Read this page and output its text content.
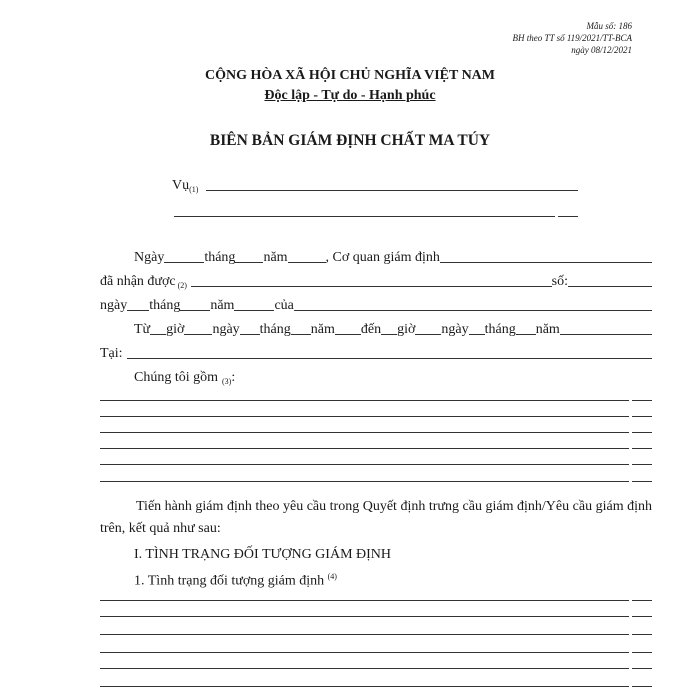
Mẫu số: 186
BH theo TT số 119/2021/TT-BCA
ngày 08/12/2021
CỘNG HÒA XÃ HỘI CHỦ NGHĨA VIỆT NAM
Độc lập - Tự do - Hạnh phúc
BIÊN BẢN GIÁM ĐỊNH CHẤT MA TÚY
Vụ (1)
Ngày	tháng năm	, Cơ quan giám định
đã nhận được (2)	số:
ngày tháng năm	của
Từ giờ ngày tháng năm đến giờ ngày tháng năm
Tại:
Chúng tôi gồm (3) :
Tiến hành giám định theo yêu cầu trong Quyết định trưng cầu giám định/Yêu cầu giám định trên, kết quả như sau:
I. TÌNH TRẠNG ĐỐI TƯỢNG GIÁM ĐỊNH
1. Tình trạng đối tượng giám định $^{(4)}$
